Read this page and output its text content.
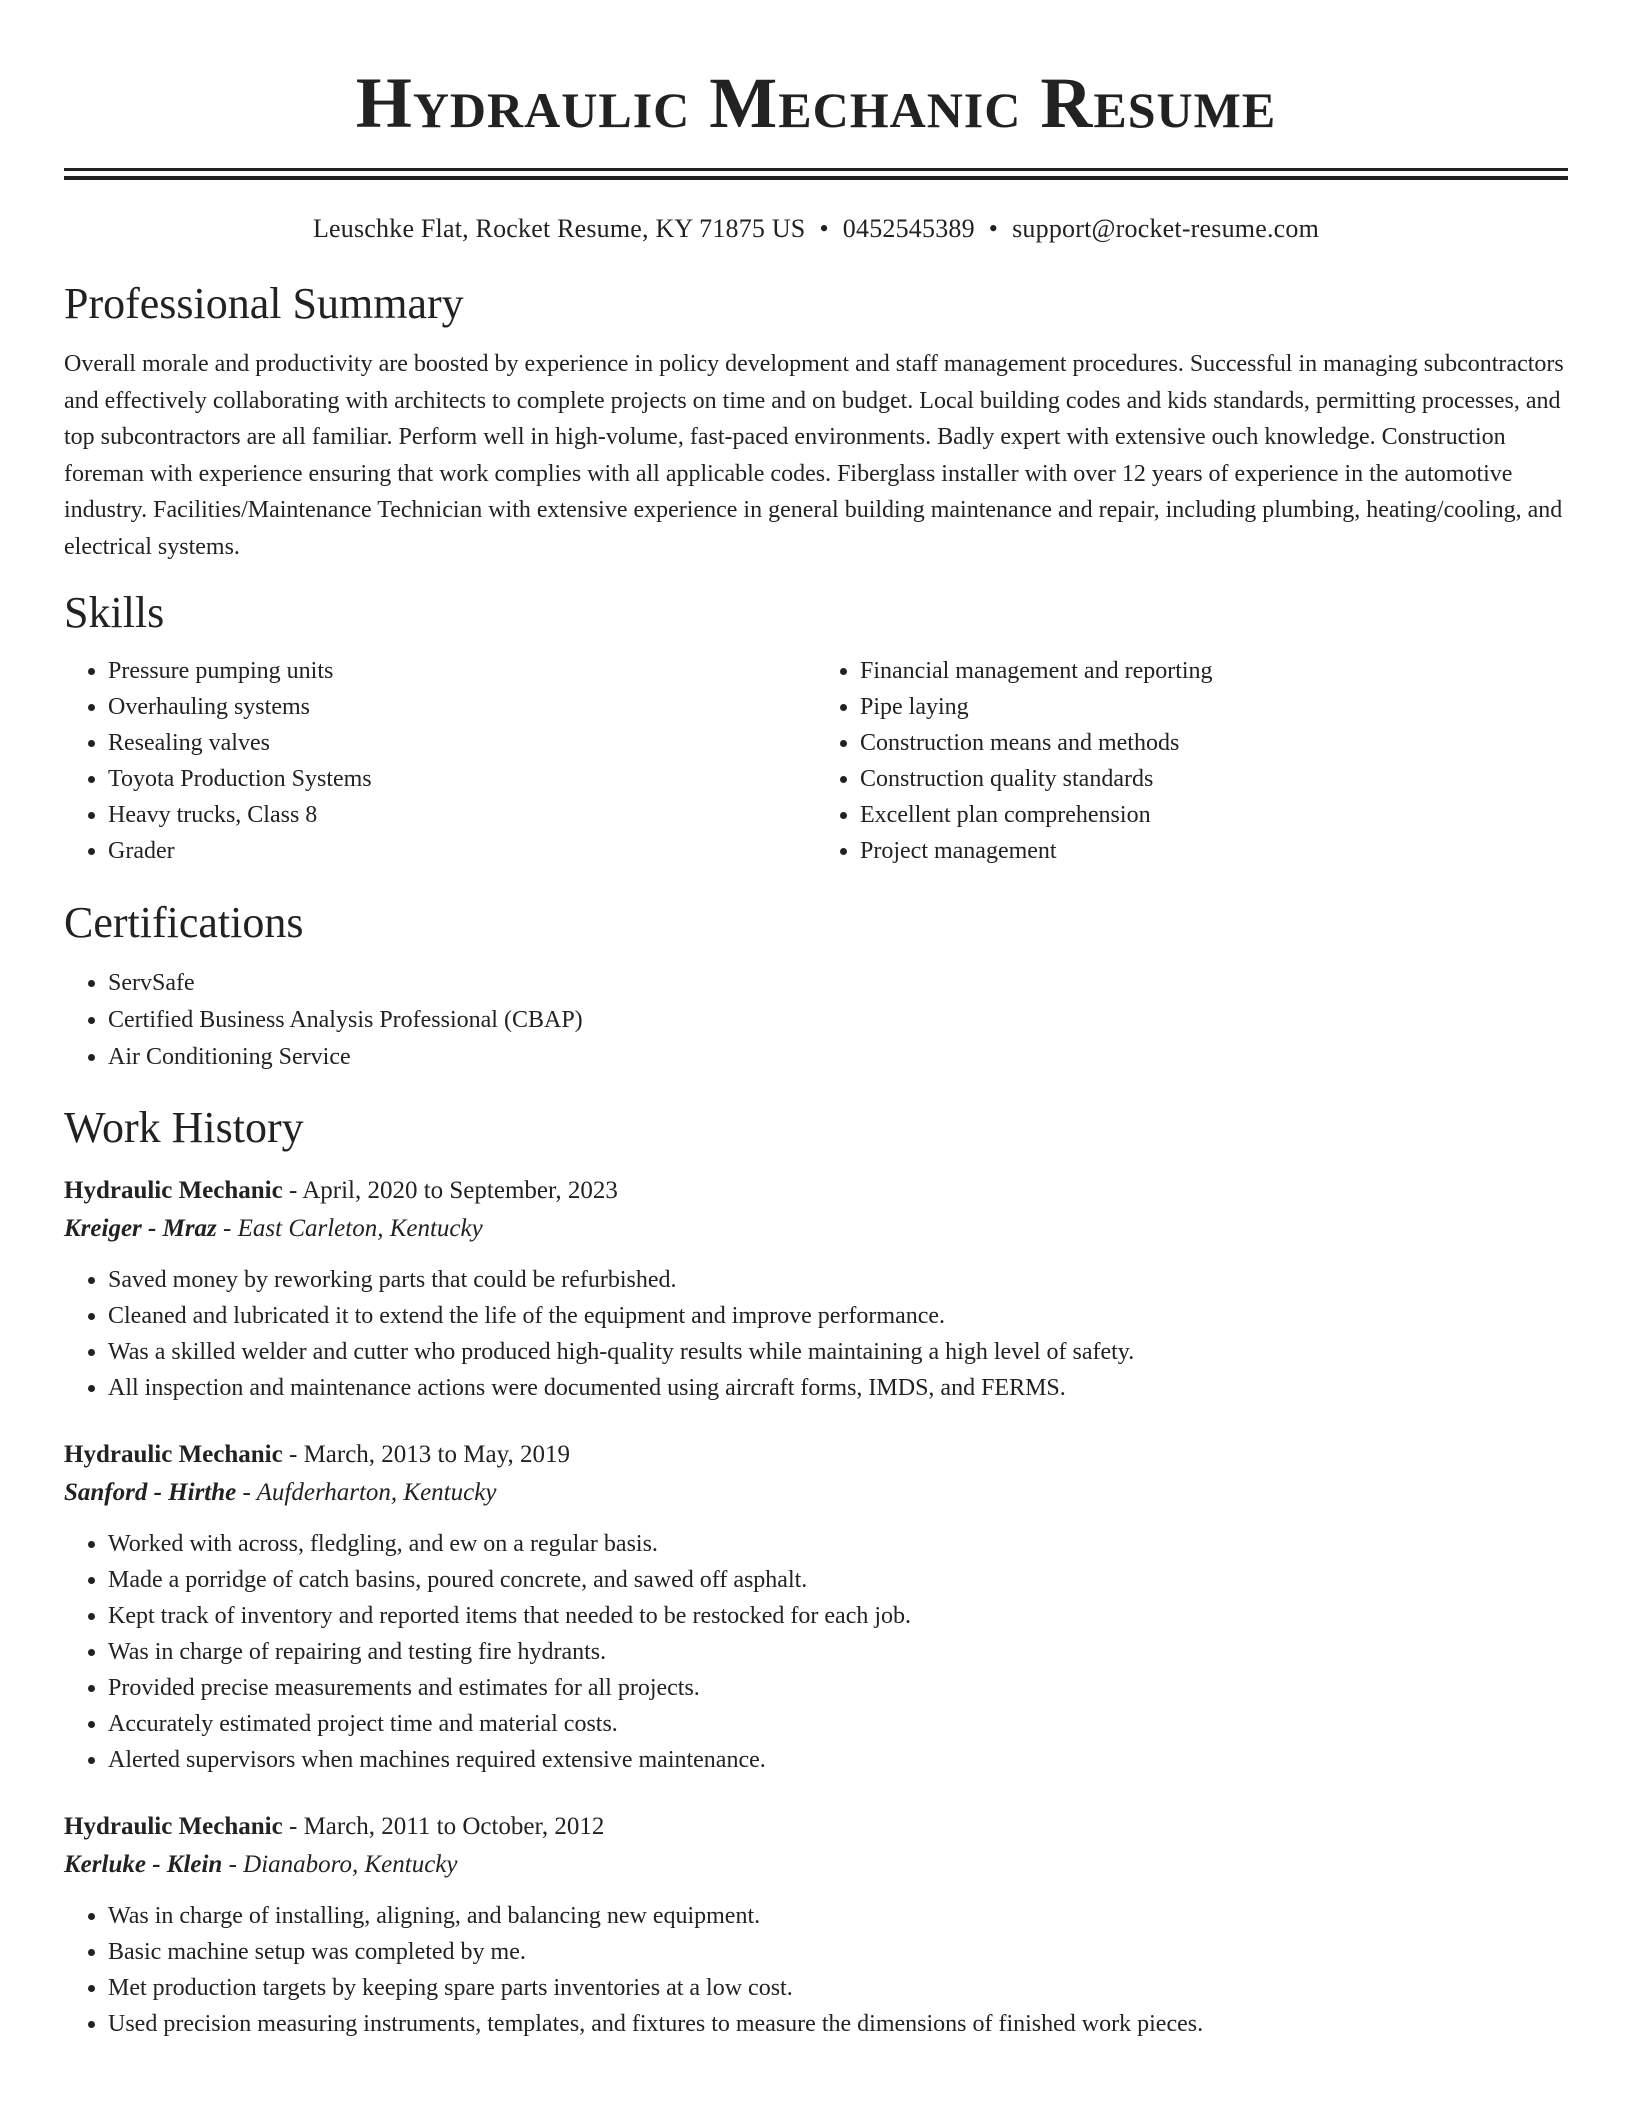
Hydraulic Mechanic Resume
Leuschke Flat, Rocket Resume, KY 71875 US • 0452545389 • support@rocket-resume.com
Professional Summary

Overall morale and productivity are boosted by experience in policy development and staff management procedures. Successful in managing subcontractors and effectively collaborating with architects to complete projects on time and on budget. Local building codes and kids standards, permitting processes, and top subcontractors are all familiar. Perform well in high-volume, fast-paced environments. Badly expert with extensive ouch knowledge. Construction foreman with experience ensuring that work complies with all applicable codes. Fiberglass installer with over 12 years of experience in the automotive industry. Facilities/Maintenance Technician with extensive experience in general building maintenance and repair, including plumbing, heating/cooling, and electrical systems.

Skills
• Pressure pumping units
• Overhauling systems
• Resealing valves
• Toyota Production Systems
• Heavy trucks, Class 8
• Grader
• Financial management and reporting
• Pipe laying
• Construction means and methods
• Construction quality standards
• Excellent plan comprehension
• Project management
Certifications
• ServSafe
• Certified Business Analysis Professional (CBAP)
• Air Conditioning Service
Work History
Hydraulic Mechanic - April, 2020 to September, 2023
Kreiger - Mraz - East Carleton, Kentucky
• Saved money by reworking parts that could be refurbished.
• Cleaned and lubricated it to extend the life of the equipment and improve performance.
• Was a skilled welder and cutter who produced high-quality results while maintaining a high level of safety.
• All inspection and maintenance actions were documented using aircraft forms, IMDS, and FERMS.
Hydraulic Mechanic - March, 2013 to May, 2019
Sanford - Hirthe - Aufderharton, Kentucky
• Worked with across, fledgling, and ew on a regular basis.
• Made a porridge of catch basins, poured concrete, and sawed off asphalt.
• Kept track of inventory and reported items that needed to be restocked for each job.
• Was in charge of repairing and testing fire hydrants.
• Provided precise measurements and estimates for all projects.
• Accurately estimated project time and material costs.
• Alerted supervisors when machines required extensive maintenance.
Hydraulic Mechanic - March, 2011 to October, 2012
Kerluke - Klein - Dianaboro, Kentucky
• Was in charge of installing, aligning, and balancing new equipment.
• Basic machine setup was completed by me.
• Met production targets by keeping spare parts inventories at a low cost.
• Used precision measuring instruments, templates, and fixtures to measure the dimensions of finished work pieces.
